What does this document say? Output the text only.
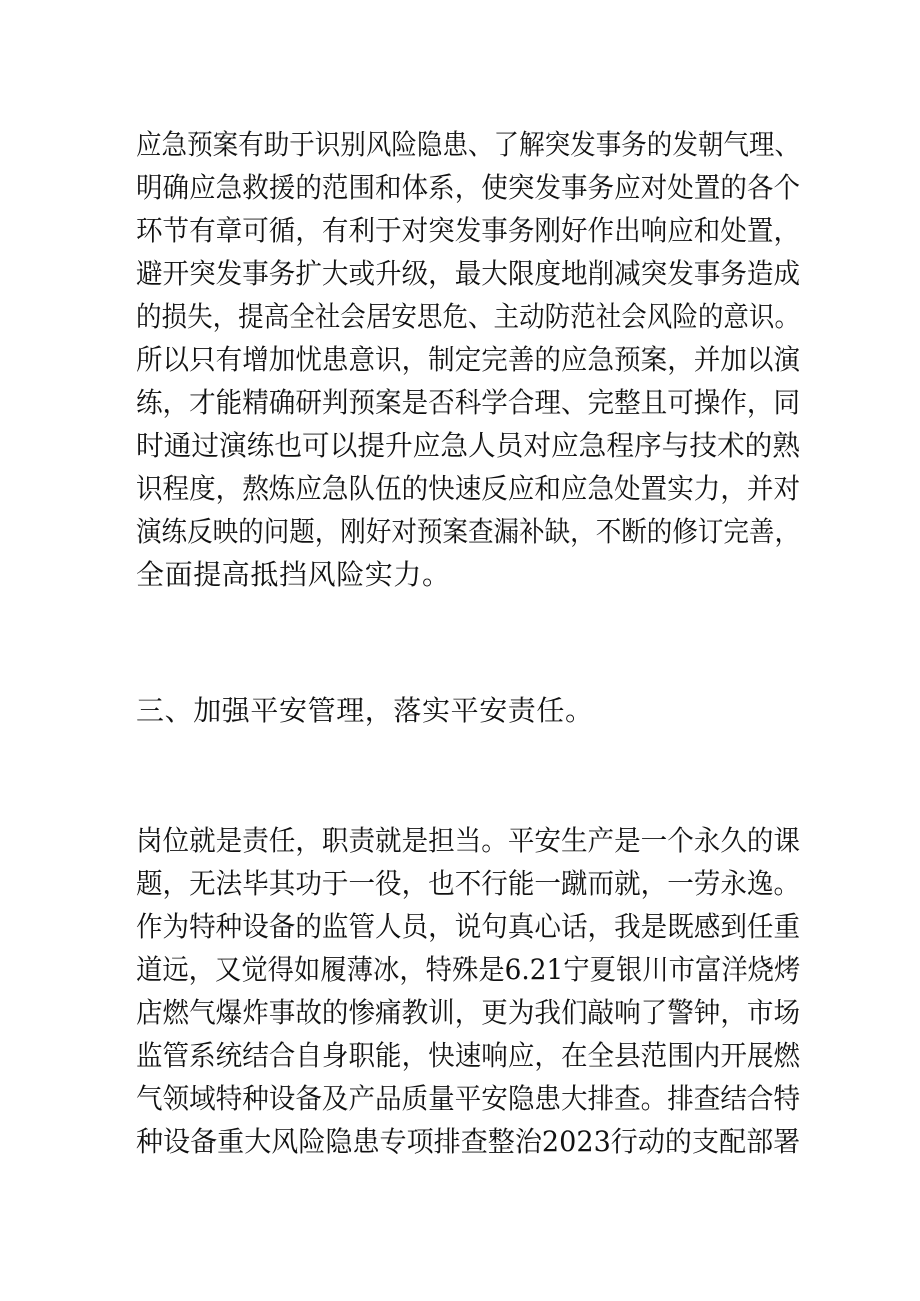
应急预案有助于识别风险隐患、了解突发事务的发朝气理、
明确应急救援的范围和体系，使突发事务应对处置的各个
环节有章可循，有利于对突发事务刚好作出响应和处置，
避开突发事务扩大或升级，最大限度地削减突发事务造成
的损失，提高全社会居安思危、主动防范社会风险的意识。
所以只有增加忧患意识，制定完善的应急预案，并加以演
练，才能精确研判预案是否科学合理、完整且可操作，同
时通过演练也可以提升应急人员对应急程序与技术的熟
识程度，熬炼应急队伍的快速反应和应急处置实力，并对
演练反映的问题，刚好对预案查漏补缺，不断的修订完善，
全面提高抵挡风险实力。
三、加强平安管理，落实平安责任。
岗位就是责任，职责就是担当。平安生产是一个永久的课
题，无法毕其功于一役，也不行能一蹴而就，一劳永逸。
作为特种设备的监管人员，说句真心话，我是既感到任重
道远，又觉得如履薄冰，特殊是6.21宁夏银川市富洋烧烤
店燃气爆炸事故的惨痛教训，更为我们敲响了警钟，市场
监管系统结合自身职能，快速响应，在全县范围内开展燃
气领域特种设备及产品质量平安隐患大排查。排查结合特
种设备重大风险隐患专项排查整治2023行动的支配部署
